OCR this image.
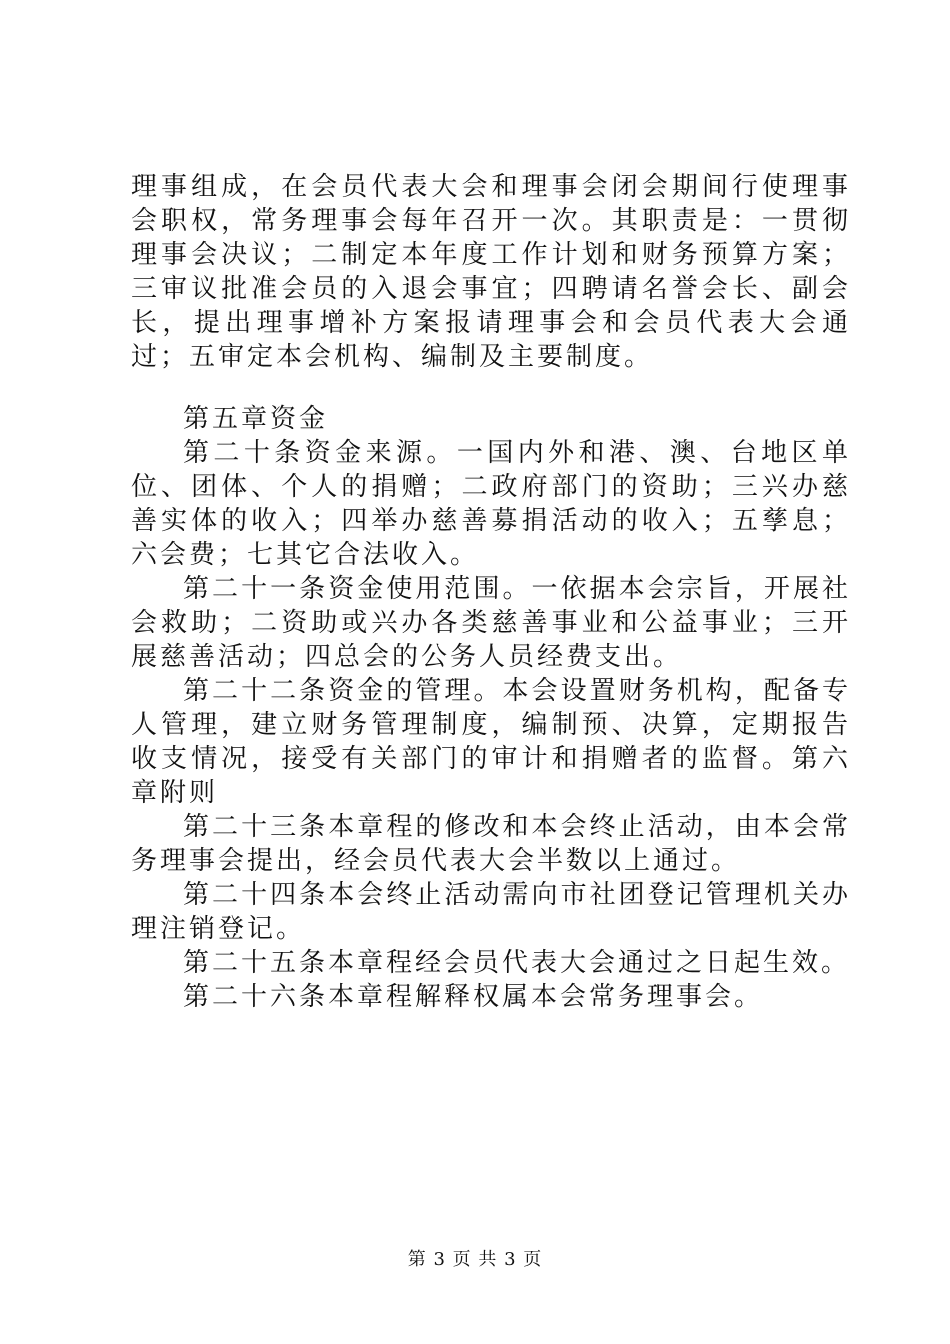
理事组成，在会员代表大会和理事会闭会期间行使理事会职权，常务理事会每年召开一次。其职责是：一贯彻理事会决议；二制定本年度工作计划和财务预算方案；三审议批准会员的入退会事宜；四聘请名誉会长、副会长，提出理事增补方案报请理事会和会员代表大会通过；五审定本会机构、编制及主要制度。

第五章资金

第二十条资金来源。一国内外和港、澳、台地区单位、团体、个人的捐赠；二政府部门的资助；三兴办慈善实体的收入；四举办慈善募捐活动的收入；五孳息；六会费；七其它合法收入。

第二十一条资金使用范围。一依据本会宗旨，开展社会救助；二资助或兴办各类慈善事业和公益事业；三开展慈善活动；四总会的公务人员经费支出。

第二十二条资金的管理。本会设置财务机构，配备专人管理，建立财务管理制度，编制预、决算，定期报告收支情况，接受有关部门的审计和捐赠者的监督。第六章附则

第二十三条本章程的修改和本会终止活动，由本会常务理事会提出，经会员代表大会半数以上通过。

第二十四条本会终止活动需向市社团登记管理机关办理注销登记。

第二十五条本章程经会员代表大会通过之日起生效。

第二十六条本章程解释权属本会常务理事会。

第 3 页 共 3 页
